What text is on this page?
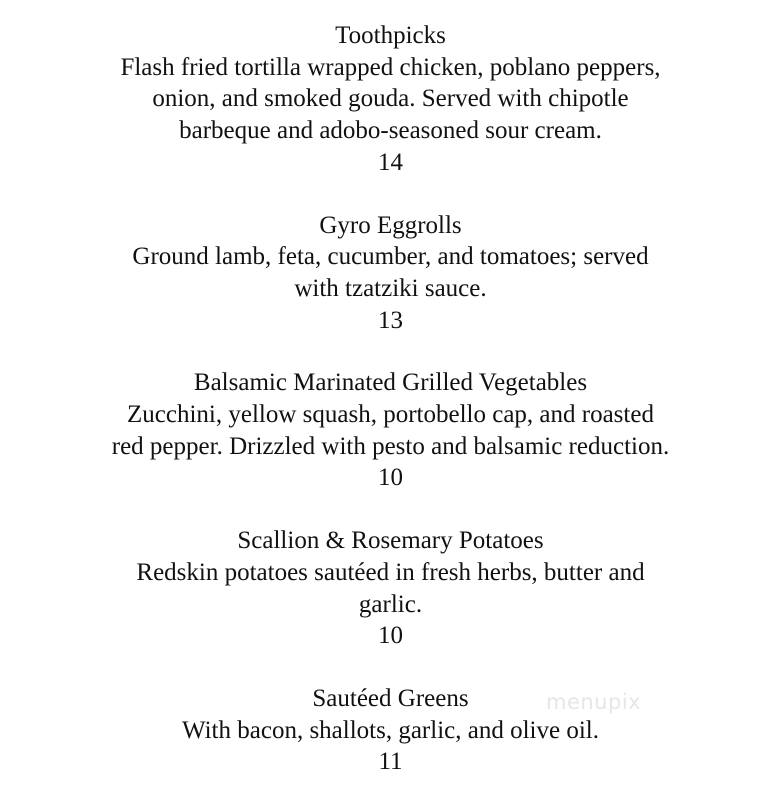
Toothpicks

Flash fried tortilla wrapped chicken, poblano peppers,

onion, and smoked gouda. Served with chipotle

barbeque and adobo-seasoned sour cream.

14

Gyro Eggrolls

Ground lamb, feta, cucumber, and tomatoes; served

with tzatziki sauce.

13

Balsamic Marinated Grilled Vegetables

Zucchini, yellow squash, portobello cap, and roasted

red pepper. Drizzled with pesto and balsamic reduction.

10

Scallion & Rosemary Potatoes

Redskin potatoes sautéed in fresh herbs, butter and

garlic.

10

Sautéed Greens

With bacon, shallots, garlic, and olive oil.

11

menupix
